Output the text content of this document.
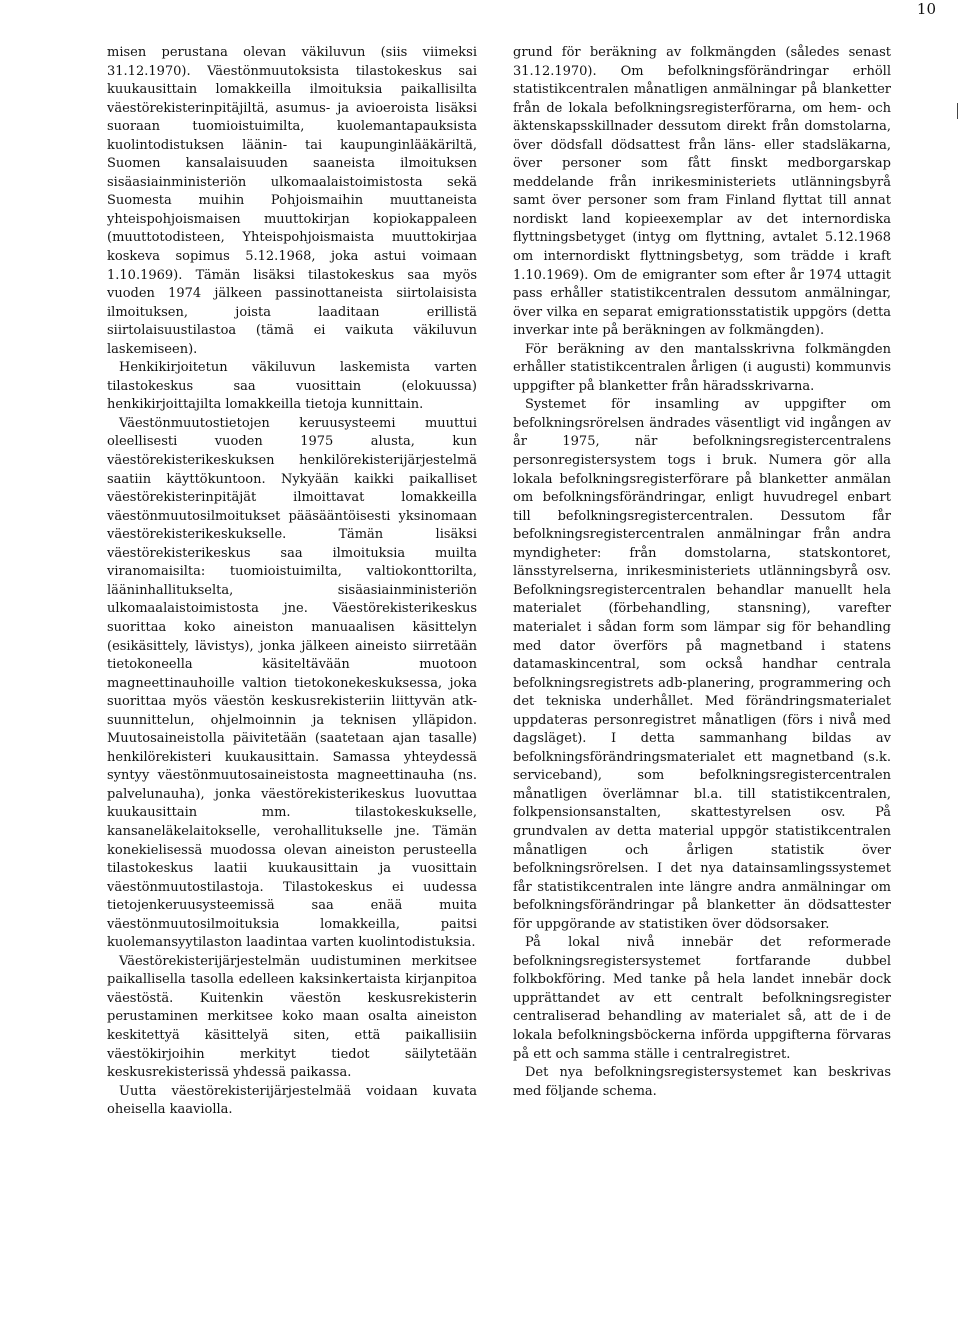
10

misen perustana olevan väkiluvun (siis viimeksi 31.12.1970). Väestönmuutoksista tilastokeskus sai kuukausittain lomakkeilla ilmoituksia paikallisilta väestörekisterinpitäjiltä, asumus- ja avioeroista lisäksi suoraan tuomioistuimilta, kuolemantapauksista kuolintodistuksen läänin- tai kaupunginlääkäriltä, Suomen kansalaisuuden saaneista ilmoituksen sisäasiainministeriön ulkomaalaistoimistosta sekä Suomesta muihin Pohjoismaihin muuttaneista yhteispohjoismaisen muuttokirjan kopiokappaleen (muuttotodisteen, Yhteispohjoismaista muuttokirjaa koskeva sopimus 5.12.1968, joka astui voimaan 1.10.1969). Tämän lisäksi tilastokeskus saa myös vuoden 1974 jälkeen passinottaneista siirtolaisista ilmoituksen, joista laaditaan erillistä siirtolaisuustilastoa (tämä ei vaikuta väkiluvun laskemiseen).

Henkikirjoitetun väkiluvun laskemista varten tilastokeskus saa vuosittain (elokuussa) henkikirjoittajilta lomakkeilla tietoja kunnittain.

Väestönmuutostietojen keruusysteemi muuttui oleellisesti vuoden 1975 alusta, kun väestörekisterikeskuksen henkilörekisterijärjestelmä saatiin käyttökuntoon. Nykyään kaikki paikalliset väestörekisterinpitäjät ilmoittavat lomakkeilla väestönmuutosilmoitukset pääsääntöisesti yksinomaan väestörekisterikeskukselle. Tämän lisäksi väestörekisterikeskus saa ilmoituksia muilta viranomaisilta: tuomioistuimilta, valtiokonttorilta, lääninhallitukselta, sisäasiainministeriön ulkomaalaistoimistosta jne. Väestörekisterikeskus suorittaa koko aineiston manuaalisen käsittelyn (esikäsittely, lävistys), jonka jälkeen aineisto siirretään tietokoneella käsiteltävään muotoon magneettinauhoille valtion tietokonekeskuksessa, joka suorittaa myös väestön keskusrekisteriin liittyvän atk-suunnittelun, ohjelmoinnin ja teknisen ylläpidon. Muutosaineistolla päivitetään (saatetaan ajan tasalle) henkilörekisteri kuukausittain. Samassa yhteydessä syntyy väestönmuutosaineistosta magneettinauha (ns. palvelunauha), jonka väestörekisterikeskus luovuttaa kuukausittain mm. tilastokeskukselle, kansaneläkelaitokselle, verohallitukselle jne. Tämän konekielisessä muodossa olevan aineiston perusteella tilastokeskus laatii kuukausittain ja vuosittain väestönmuutostilastoja. Tilastokeskus ei uudessa tietojenkeruusysteemissä saa enää muita väestönmuutosilmoituksia lomakkeilla, paitsi kuolemansyytilaston laadintaa varten kuolintodistuksia.

Väestörekisterijärjestelmän uudistuminen merkitsee paikallisella tasolla edelleen kaksinkertaista kirjanpitoa väestöstä. Kuitenkin väestön keskusrekisterin perustaminen merkitsee koko maan osalta aineiston keskitettyä käsittelyä siten, että paikallisiin väestökirjoihin merkityt tiedot säilytetään keskusrekisterissä yhdessä paikassa.

Uutta väestörekisterijärjestelmää voidaan kuvata oheisella kaaviolla.

grund för beräkning av folkmängden (således senast 31.12.1970). Om befolkningsförändringar erhöll statistikcentralen månatligen anmälningar på blanketter från de lokala befolkningsregisterförarna, om hem- och äktenskapsskillnader dessutom direkt från domstolarna, över dödsfall dödsattest från läns- eller stadsläkarna, över personer som fått finskt medborgarskap meddelande från inrikesministeriets utlänningsbyrå samt över personer som fram Finland flyttat till annat nordiskt land kopieexemplar av det internordiska flyttningsbetyget (intyg om flyttning, avtalet 5.12.1968 om internordiskt flyttningsbetyg, som trädde i kraft 1.10.1969). Om de emigranter som efter år 1974 uttagit pass erhåller statistikcentralen dessutom anmälningar, över vilka en separat emigrationsstatistik uppgörs (detta inverkar inte på beräkningen av folkmängden).

För beräkning av den mantalsskrivna folkmängden erhåller statistikcentralen årligen (i augusti) kommunvis uppgifter på blanketter från häradsskrivarna.

Systemet för insamling av uppgifter om befolkningsrörelsen ändrades väsentligt vid ingången av år 1975, när befolkningsregistercentralens personregistersystem togs i bruk. Numera gör alla lokala befolkningsregisterförare på blanketter anmälan om befolkningsförändringar, enligt huvudregel enbart till befolkningsregistercentralen. Dessutom får befolkningsregistercentralen anmälningar från andra myndigheter: från domstolarna, statskontoret, länsstyrelserna, inrikesministeriets utlänningsbyrå osv. Befolkningsregistercentralen behandlar manuellt hela materialet (förbehandling, stansning), varefter materialet i sådan form som lämpar sig för behandling med dator överförs på magnetband i statens datamaskincentral, som också handhar centrala befolkningsregistrets adb-planering, programmering och det tekniska underhållet. Med förändringsmaterialet uppdateras personregistret månatligen (förs i nivå med dagsläget). I detta sammanhang bildas av befolkningsförändringsmaterialet ett magnetband (s.k. serviceband), som befolkningsregistercentralen månatligen överlämnar bl.a. till statistikcentralen, folkpensionsanstalten, skattestyrelsen osv. På grundvalen av detta material uppgör statistikcentralen månatligen och årligen statistik över befolkningsrörelsen. I det nya datainsamlingssystemet får statistikcentralen inte längre andra anmälningar om befolkningsförändringar på blanketter än dödsattester för uppgörande av statistiken över dödsorsaker.

På lokal nivå innebär det reformerade befolkningsregistersystemet fortfarande dubbel folkbokföring. Med tanke på hela landet innebär dock upprättandet av ett centralt befolkningsregister centraliserad behandling av materialet så, att de i de lokala befolkningsböckerna införda uppgifterna förvaras på ett och samma ställe i centralregistret.

Det nya befolkningsregistersystemet kan beskrivas med följande schema.
